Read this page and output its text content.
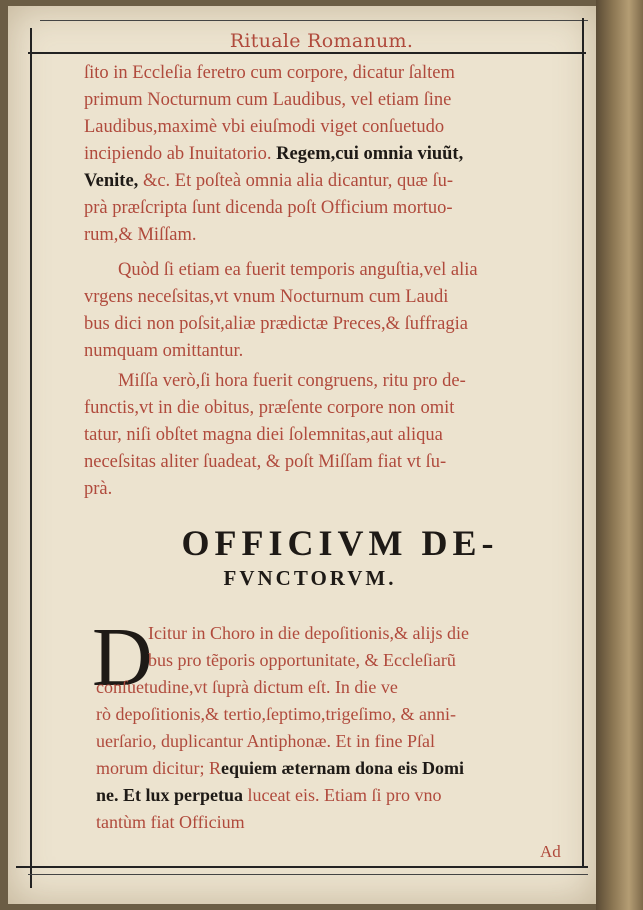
Rituale Romanum.

ſito in Eccleſia feretro cum corpore, dicatur ſaltem
primum Nocturnum cum Laudibus, vel etiam ſine
Laudibus,maximè vbi eiuſmodi viget conſuetudo
incipiendo ab Inuitatorio. Regem,cui omnia viuũt,
Venite, &c. Et poſteà omnia alia dicantur, quæ ſu-
prà præſcripta ſunt dicenda poſt Officium mortuo-
rum,& Miſſam.

Quòd ſi etiam ea fuerit temporis anguſtia,vel alia
vrgens neceſsitas,vt vnum Nocturnum cum Laudi
bus dici non poſsit,aliæ prædictæ Preces,& ſuffragia
numquam omittantur.

Miſſa verò,ſi hora fuerit congruens, ritu pro de-
functis,vt in die obitus, præſente corpore non omit
tatur, niſi obſtet magna diei ſolemnitas,aut aliqua
neceſsitas aliter ſuadeat, & poſt Miſſam fiat vt ſu-
prà.

OFFICIVM DE-
FVNCTORVM.
D

Icitur in Choro in die depoſitionis,& alijs die
bus pro tẽporis opportunitate, & Eccleſiarũ
conſuetudine,vt ſuprà dictum eſt. In die ve
rò depoſitionis,& tertio,ſeptimo,trigeſimo, & anni-
uerſario, duplicantur Antiphonæ. Et in fine Pſal
morum dicitur; Requiem æternam dona eis Domi
ne. Et lux perpetua luceat eis. Etiam ſi pro vno
tantùm fiat Officium

Ad
